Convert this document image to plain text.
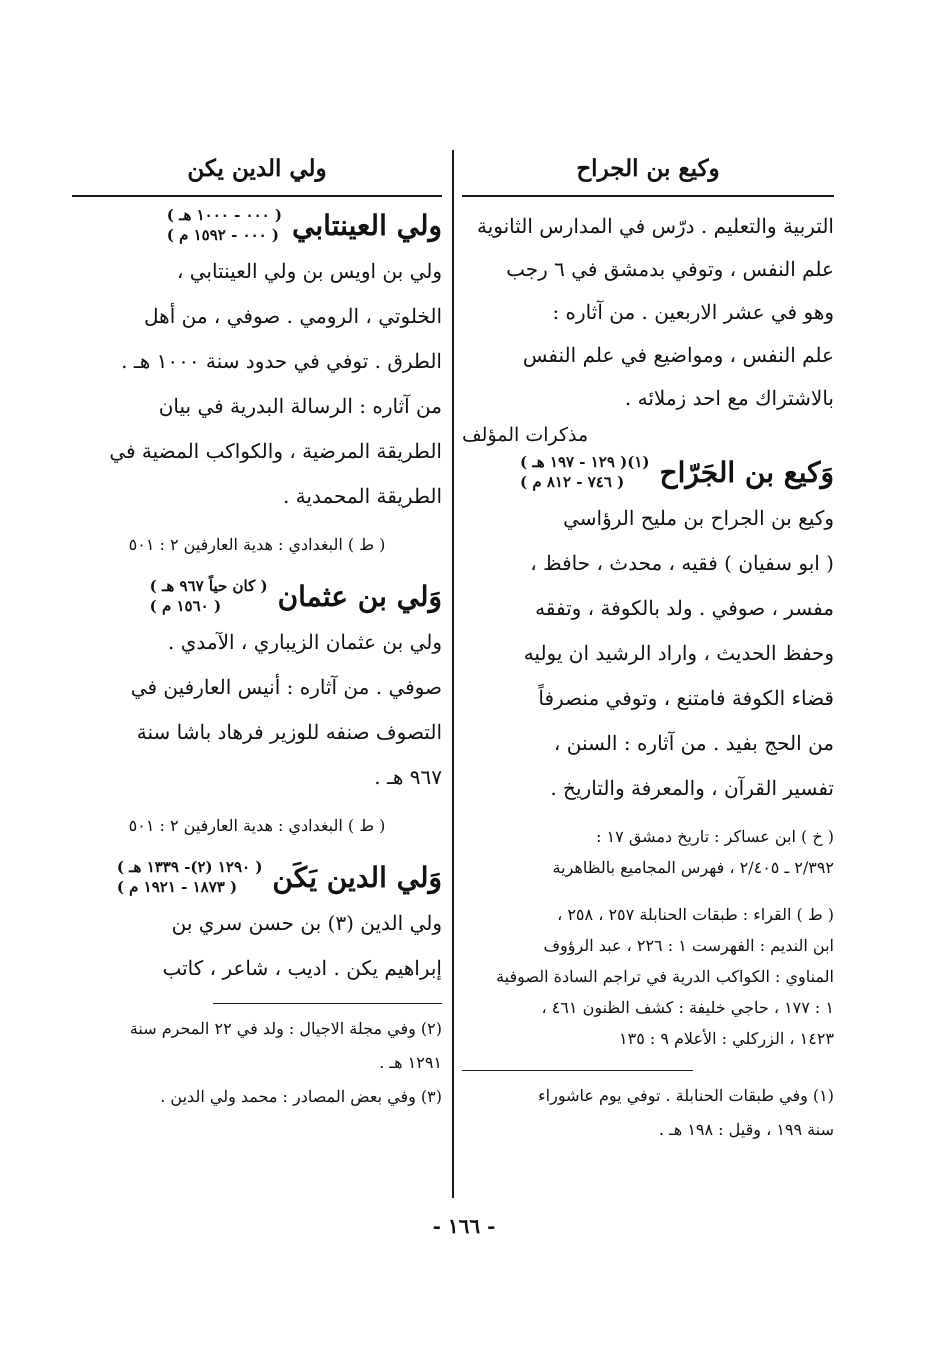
وكيع بن الجراح
التربية والتعليم . درّس في المدارس الثانوية
علم النفس ، وتوفي بدمشق في ٦ رجب
وهو في عشر الاربعين . من آثاره :
علم النفس ، ومواضيع في علم النفس
بالاشتراك مع احد زملائه .
مذكرات المؤلف
وَكيع بن الجَرّاح
( ١٢٩ - ١٩٧ هـ )(١)
( ٧٤٦ - ٨١٢ م )
وكيع بن الجراح بن مليح الرؤاسي
( ابو سفيان ) فقيه ، محدث ، حافظ ،
مفسر ، صوفي . ولد بالكوفة ، وتفقه
وحفظ الحديث ، واراد الرشيد ان يوليه
قضاء الكوفة فامتنع ، وتوفي منصرفاً
من الحج بفيد . من آثاره : السنن ،
تفسير القرآن ، والمعرفة والتاريخ .
( خ ) ابن عساكر : تاريخ دمشق ١٧ :
٢/٣٩٢ ـ ٢/٤٠٥ ، فهرس المجاميع بالظاهرية
( ط ) القراء : طبقات الحنابلة ٢٥٧ ، ٢٥٨ ،
ابن النديم : الفهرست ١ : ٢٢٦ ، عبد الرؤوف
المناوي : الكواكب الدرية في تراجم السادة الصوفية
١ : ١٧٧ ، حاجي خليفة : كشف الظنون ٤٦١ ،
١٤٢٣ ، الزركلي : الأعلام ٩ : ١٣٥
(١) وفي طبقات الحنابلة . توفي يوم عاشوراء
سنة ١٩٩ ، وقيل : ١٩٨ هـ .
ولي الدين يكن
ولي العينتابي
( ٠٠٠ - ١٠٠٠ هـ )
( ٠٠٠ - ١٥٩٢ م )
ولي بن اويس بن ولي العينتابي ،
الخلوتي ، الرومي . صوفي ، من أهل
الطرق . توفي في حدود سنة ١٠٠٠ هـ .
من آثاره : الرسالة البدرية في بيان
الطريقة المرضية ، والكواكب المضية في
الطريقة المحمدية .
( ط ) البغدادي : هدية العارفين ٢ : ٥٠١
وَلي بن عثمان
( كان حياً ٩٦٧ هـ )
( ١٥٦٠ م )
ولي بن عثمان الزيباري ، الآمدي .
صوفي . من آثاره : أنيس العارفين في
التصوف صنفه للوزير فرهاد باشا سنة
٩٦٧ هـ .
( ط ) البغدادي : هدية العارفين ٢ : ٥٠١
وَلي الدين يَكَن
( ١٢٩٠ (٢)- ١٣٣٩ هـ )
( ١٨٧٣ - ١٩٢١ م )
ولي الدين (٣) بن حسن سري بن
إبراهيم يكن . اديب ، شاعر ، كاتب
(٢) وفي مجلة الاجيال : ولد في ٢٢ المحرم سنة
١٢٩١ هـ .
(٣) وفي بعض المصادر : محمد ولي الدين .
- ١٦٦ -
